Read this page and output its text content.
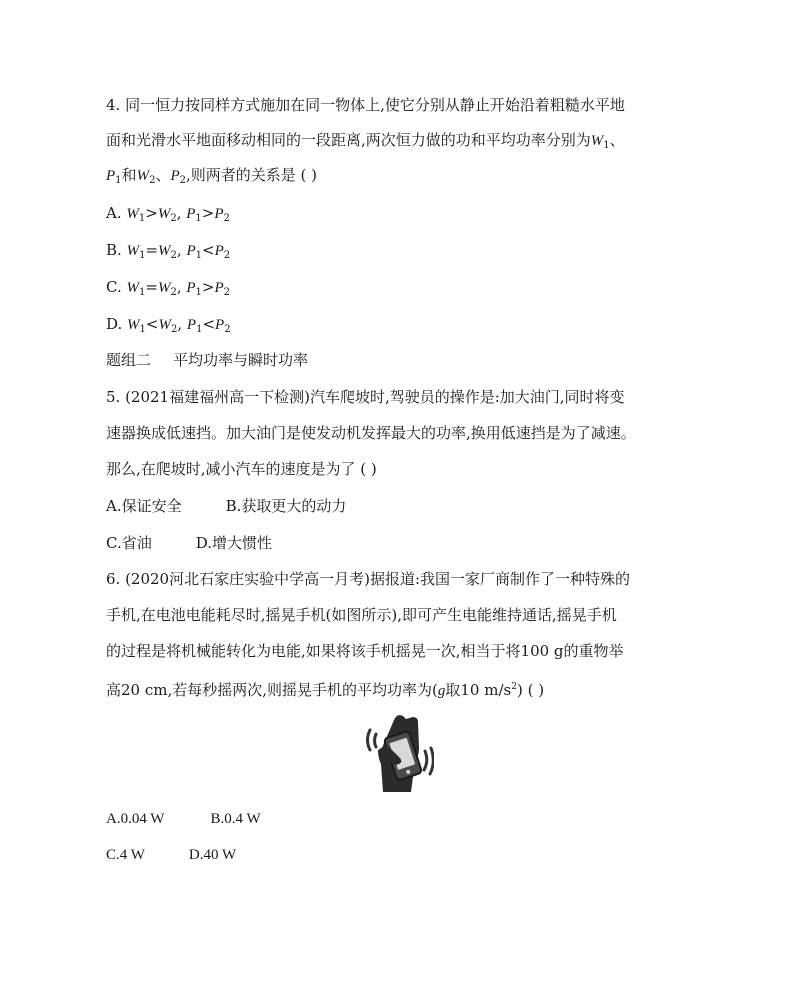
4. 同一恒力按同样方式施加在同一物体上,使它分别从静止开始沿着粗糙水平地
面和光滑水平地面移动相同的一段距离,两次恒力做的功和平均功率分别为$W_1$、
$P_1$和$W_2$、$P_2$,则两者的关系是 ( )
A. $W_1>W_2$, $P_1>P_2$
B. $W_1=W_2$, $P_1<P_2$
C. $W_1=W_2$, $P_1>P_2$
D. $W_1<W_2$, $P_1<P_2$
题组二 平均功率与瞬时功率
5. (2021福建福州高一下检测)汽车爬坡时,驾驶员的操作是:加大油门,同时将变
速器换成低速挡。加大油门是使发动机发挥最大的功率,换用低速挡是为了减速。
那么,在爬坡时,减小汽车的速度是为了 ( )
A.保证安全	B.获取更大的动力
C.省油	D.增大惯性
6. (2020河北石家庄实验中学高一月考)据报道:我国一家厂商制作了一种特殊的
手机,在电池电能耗尽时,摇晃手机(如图所示),即可产生电能维持通话,摇晃手机
的过程是将机械能转化为电能,如果将该手机摇晃一次,相当于将100 g的重物举
高20 cm,若每秒摇两次,则摇晃手机的平均功率为(g取10 $m/s^2$) ( )
A.0.04 W	B.0.4 W
C.4 W	D.40 W
